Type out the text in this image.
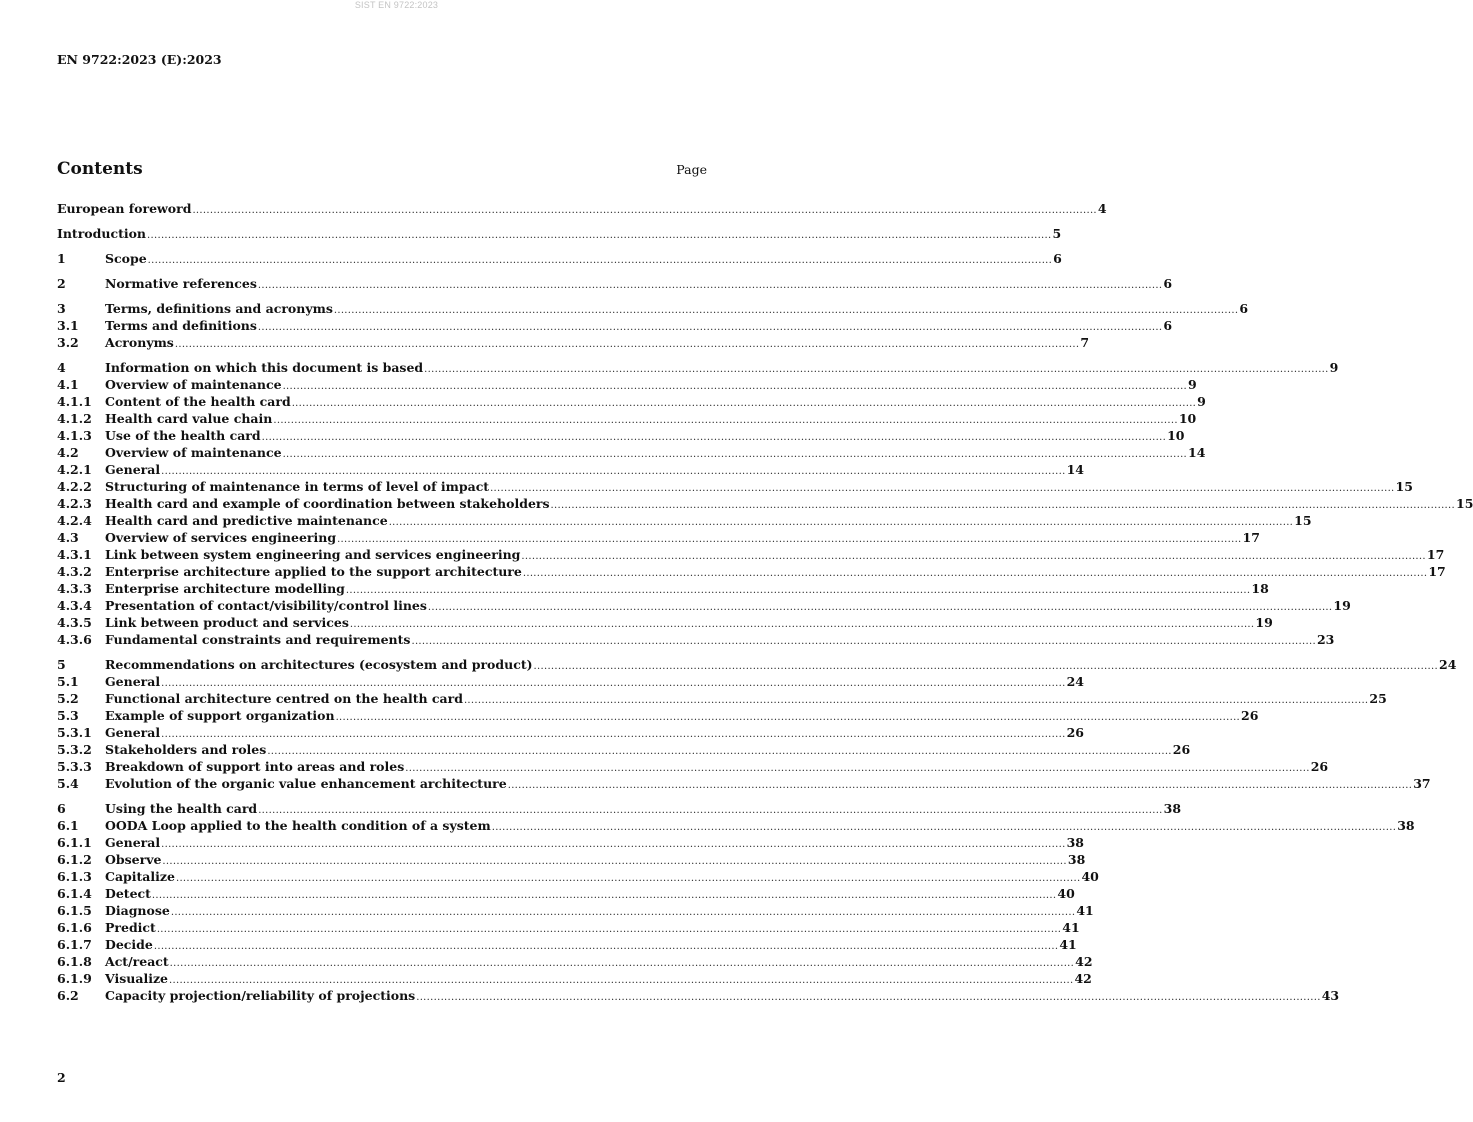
SIST EN 9722:2023
EN 9722:2023 (E):2023
Contents	Page
European foreword .................................................................................................................................................................................................................................................................... 4
Introduction .................................................................................................................................................................................................................................................................... 5
1	Scope .................................................................................................................................................................................................................................................................... 6
2	Normative references .................................................................................................................................................................................................................................................................... 6
3	Terms, definitions and acronyms .................................................................................................................................................................................................................................................................... 6
3.1	Terms and definitions .................................................................................................................................................................................................................................................................... 6
3.2	Acronyms .................................................................................................................................................................................................................................................................... 7
4	Information on which this document is based .................................................................................................................................................................................................................................................................... 9
4.1	Overview of maintenance .................................................................................................................................................................................................................................................................... 9
4.1.1	Content of the health card .................................................................................................................................................................................................................................................................... 9
4.1.2	Health card value chain .................................................................................................................................................................................................................................................................... 10
4.1.3	Use of the health card .................................................................................................................................................................................................................................................................... 10
4.2	Overview of maintenance .................................................................................................................................................................................................................................................................... 14
4.2.1	General .................................................................................................................................................................................................................................................................... 14
4.2.2	Structuring of maintenance in terms of level of impact .................................................................................................................................................................................................................................................................... 15
4.2.3	Health card and example of coordination between stakeholders .................................................................................................................................................................................................................................................................... 15
4.2.4	Health card and predictive maintenance .................................................................................................................................................................................................................................................................... 15
4.3	Overview of services engineering .................................................................................................................................................................................................................................................................... 17
4.3.1	Link between system engineering and services engineering .................................................................................................................................................................................................................................................................... 17
4.3.2	Enterprise architecture applied to the support architecture .................................................................................................................................................................................................................................................................... 17
4.3.3	Enterprise architecture modelling .................................................................................................................................................................................................................................................................... 18
4.3.4	Presentation of contact/visibility/control lines .................................................................................................................................................................................................................................................................... 19
4.3.5	Link between product and services .................................................................................................................................................................................................................................................................... 19
4.3.6	Fundamental constraints and requirements .................................................................................................................................................................................................................................................................... 23
5	Recommendations on architectures (ecosystem and product) .................................................................................................................................................................................................................................................................... 24
5.1	General .................................................................................................................................................................................................................................................................... 24
5.2	Functional architecture centred on the health card .................................................................................................................................................................................................................................................................... 25
5.3	Example of support organization .................................................................................................................................................................................................................................................................... 26
5.3.1	General .................................................................................................................................................................................................................................................................... 26
5.3.2	Stakeholders and roles .................................................................................................................................................................................................................................................................... 26
5.3.3	Breakdown of support into areas and roles .................................................................................................................................................................................................................................................................... 26
5.4	Evolution of the organic value enhancement architecture .................................................................................................................................................................................................................................................................... 37
6	Using the health card .................................................................................................................................................................................................................................................................... 38
6.1	OODA Loop applied to the health condition of a system .................................................................................................................................................................................................................................................................... 38
6.1.1	General .................................................................................................................................................................................................................................................................... 38
6.1.2	Observe .................................................................................................................................................................................................................................................................... 38
6.1.3	Capitalize .................................................................................................................................................................................................................................................................... 40
6.1.4	Detect .................................................................................................................................................................................................................................................................... 40
6.1.5	Diagnose .................................................................................................................................................................................................................................................................... 41
6.1.6	Predict .................................................................................................................................................................................................................................................................... 41
6.1.7	Decide .................................................................................................................................................................................................................................................................... 41
6.1.8	Act/react .................................................................................................................................................................................................................................................................... 42
6.1.9	Visualize .................................................................................................................................................................................................................................................................... 42
6.2	Capacity projection/reliability of projections .................................................................................................................................................................................................................................................................... 43
2
